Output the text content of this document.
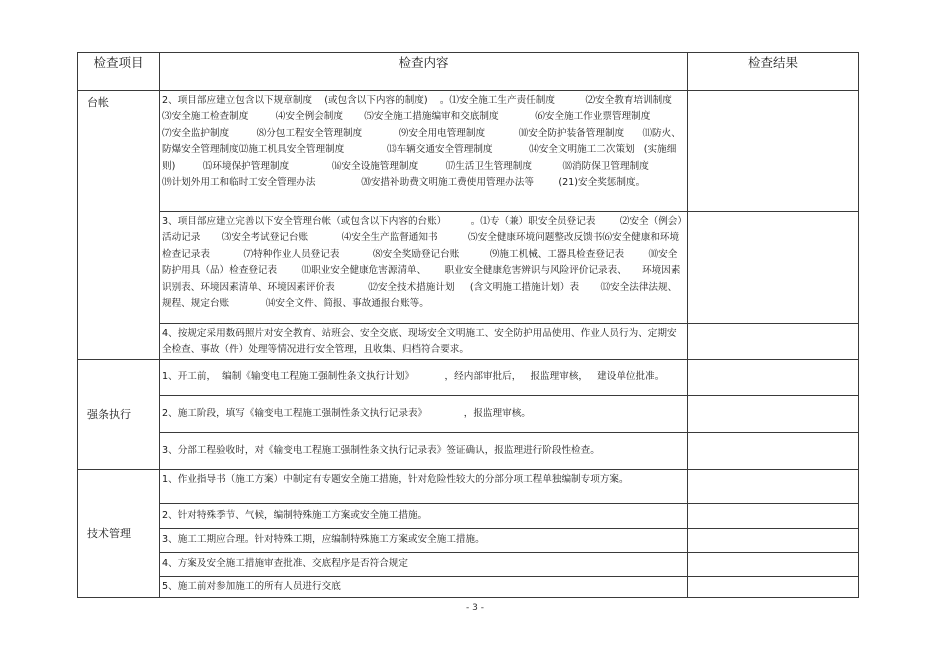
检查项目	检查内容	检查结果
台帐	2、项目部应建立包含以下规章制度    (或包含以下内容的制度)    。⑴安全施工生产责任制度          ⑵安全教育培训制度      ⑶安全施工检查制度         ⑷安全例会制度       ⑸安全施工措施编审和交底制度            ⑹安全施工作业票管理制度        ⑺安全监护制度         ⑻分包工程安全管理制度            ⑼安全用电管理制度           ⑽安全防护装备管理制度      ⑾防火、防爆安全管理制度⑿施工机具安全管理制度              ⒀车辆交通安全管理制度            ⒁安全文明施工二次策划   (实施细则)         ⒂环境保护管理制度              ⒃安全设施管理制度         ⒄生活卫生管理制度          ⒅消防保卫管理制度          ⒆计划外用工和临时工安全管理办法               ⒇安措补助费文明施工费使用管理办法等        (21)安全奖惩制度。	
	3、项目部应建立完善以下安全管理台帐（或包含以下内容的台账）        。⑴专（兼）职安全员登记表        ⑵安全（例会）活动记录       ⑶安全考试登记台账           ⑷安全生产监督通知书          ⑸安全健康环境问题整改反馈书⑹安全健康和环境检查记录表           ⑺特种作业人员登记表           ⑻安全奖励登记台账          ⑼施工机械、工器具检查登记表        ⑽安全防护用具（品）检查登记表        ⑾职业安全健康危害源清单、      职业安全健康危害辨识与风险评价记录表、     环境因素识别表、环境因素清单、环境因素评价表           ⑿安全技术措施计划     (含文明施工措施计划）表       ⒀安全法律法规、规程、规定台账            ⒁安全文件、简报、事故通报台账等。	
	4、按规定采用数码照片对安全教育、站班会、安全交底、现场安全文明施工、安全防护用品使用、作业人员行为、定期安全检查、事故（件）处理等情况进行安全管理，且收集、归档符合要求。	
强条执行	1、开工前，  编制《输变电工程施工强制性条文执行计划》          ，经内部审批后，   报监理审核，   建设单位批准。	
	2、施工阶段，填写《输变电工程施工强制性条文执行记录表》            ，报监理审核。	
	3、分部工程验收时，对《输变电工程施工强制性条文执行记录表》签证确认，报监理进行阶段性检查。	
技术管理	1、作业指导书（施工方案）中制定有专题安全施工措施，针对危险性较大的分部分项工程单独编制专项方案。	
	2、针对特殊季节、气候，编制特殊施工方案或安全施工措施。	
	3、施工工期应合理。针对特殊工期，应编制特殊施工方案或安全施工措施。	
	4、方案及安全施工措施审查批准、交底程序是否符合规定	
	5、施工前对参加施工的所有人员进行交底	
- 3 -
